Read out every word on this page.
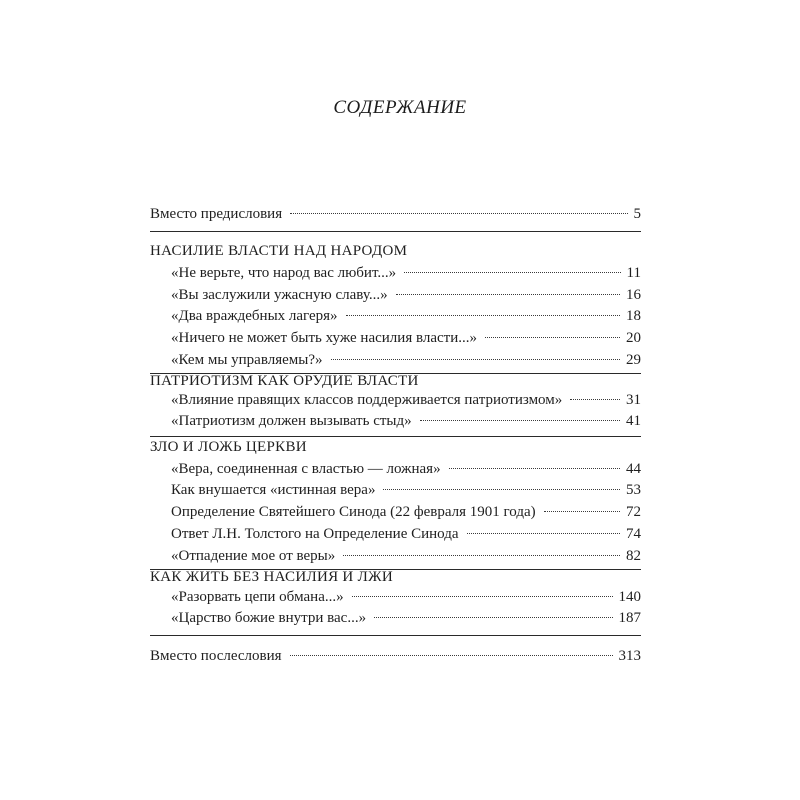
СОДЕРЖАНИЕ
Вместо предисловия	5
НАСИЛИЕ ВЛАСТИ НАД НАРОДОМ
«Не верьте, что народ вас любит...»	11
«Вы заслужили ужасную славу...»	16
«Два враждебных лагеря»	18
«Ничего не может быть хуже насилия власти...»	20
«Кем мы управляемы?»	29
ПАТРИОТИЗМ КАК ОРУДИЕ ВЛАСТИ
«Влияние правящих классов поддерживается патриотизмом»	31
«Патриотизм должен вызывать стыд»	41
ЗЛО И ЛОЖЬ ЦЕРКВИ
«Вера, соединенная с властью — ложная»	44
Как внушается «истинная вера»	53
Определение Святейшего Синода (22 февраля 1901 года)	72
Ответ Л.Н. Толстого на Определение Синода	74
«Отпадение мое от веры»	82
КАК ЖИТЬ БЕЗ НАСИЛИЯ И ЛЖИ
«Разорвать цепи обмана...»	140
«Царство божие внутри вас...»	187
Вместо послесловия	313
